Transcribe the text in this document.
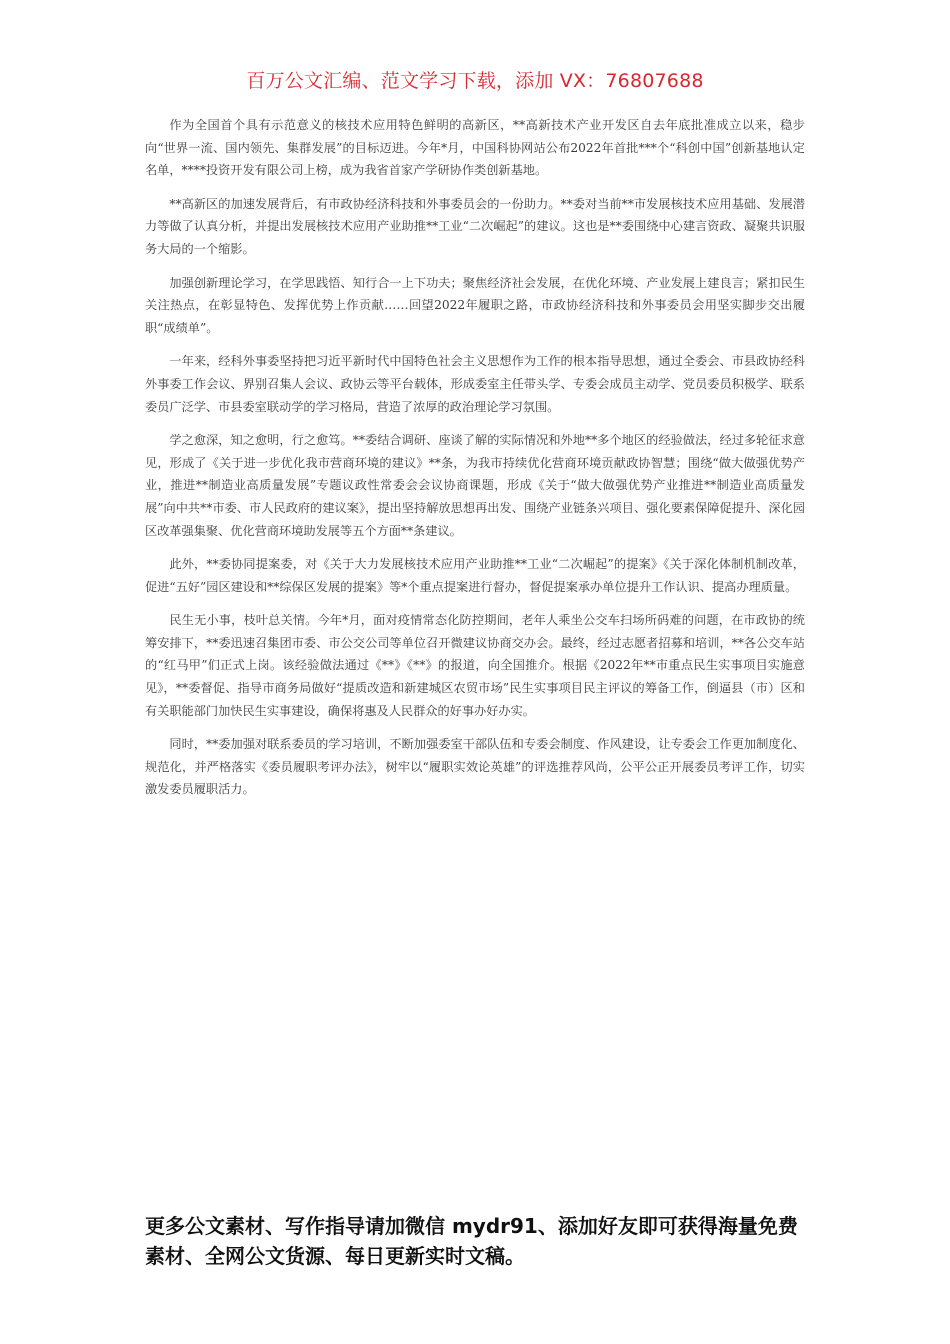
百万公文汇编、范文学习下载，添加 VX：76807688

作为全国首个具有示范意义的核技术应用特色鲜明的高新区，**高新技术产业开发区自去年底批准成立以来，稳步向“世界一流、国内领先、集群发展”的目标迈进。今年*月，中国科协网站公布2022年首批***个“科创中国”创新基地认定名单，****投资开发有限公司上榜，成为我省首家产学研协作类创新基地。

**高新区的加速发展背后，有市政协经济科技和外事委员会的一份助力。**委对当前**市发展核技术应用基础、发展潜力等做了认真分析，并提出发展核技术应用产业助推**工业“二次崛起”的建议。这也是**委围绕中心建言资政、凝聚共识服务大局的一个缩影。

加强创新理论学习，在学思践悟、知行合一上下功夫；聚焦经济社会发展，在优化环境、产业发展上建良言；紧扣民生关注热点，在彰显特色、发挥优势上作贡献……回望2022年履职之路，市政协经济科技和外事委员会用坚实脚步交出履职“成绩单”。

一年来，经科外事委坚持把习近平新时代中国特色社会主义思想作为工作的根本指导思想，通过全委会、市县政协经科外事委工作会议、界别召集人会议、政协云等平台载体，形成委室主任带头学、专委会成员主动学、党员委员积极学、联系委员广泛学、市县委室联动学的学习格局，营造了浓厚的政治理论学习氛围。

学之愈深，知之愈明，行之愈笃。**委结合调研、座谈了解的实际情况和外地**多个地区的经验做法，经过多轮征求意见，形成了《关于进一步优化我市营商环境的建议》**条，为我市持续优化营商环境贡献政协智慧；围绕“做大做强优势产业，推进**制造业高质量发展”专题议政性常委会会议协商课题，形成《关于“做大做强优势产业推进**制造业高质量发展”向中共**市委、市人民政府的建议案》，提出坚持解放思想再出发、围绕产业链条兴项目、强化要素保障促提升、深化园区改革强集聚、优化营商环境助发展等五个方面**条建议。

此外，**委协同提案委，对《关于大力发展核技术应用产业助推**工业“二次崛起”的提案》《关于深化体制机制改革，促进“五好”园区建设和**综保区发展的提案》等*个重点提案进行督办，督促提案承办单位提升工作认识、提高办理质量。

民生无小事，枝叶总关情。今年*月，面对疫情常态化防控期间，老年人乘坐公交车扫场所码难的问题，在市政协的统筹安排下，**委迅速召集团市委、市公交公司等单位召开微建议协商交办会。最终，经过志愿者招募和培训，**各公交车站的“红马甲”们正式上岗。该经验做法通过《**》《**》的报道，向全国推介。根据《2022年**市重点民生实事项目实施意见》，**委督促、指导市商务局做好“提质改造和新建城区农贸市场”民生实事项目民主评议的筹备工作，倒逼县（市）区和有关职能部门加快民生实事建设，确保将惠及人民群众的好事办好办实。

同时，**委加强对联系委员的学习培训，不断加强委室干部队伍和专委会制度、作风建设，让专委会工作更加制度化、规范化，并严格落实《委员履职考评办法》，树牢以“履职实效论英雄”的评选推荐风尚，公平公正开展委员考评工作，切实激发委员履职活力。

更多公文素材、写作指导请加微信 mydr91、添加好友即可获得海量免费素材、全网公文货源、每日更新实时文稿。
